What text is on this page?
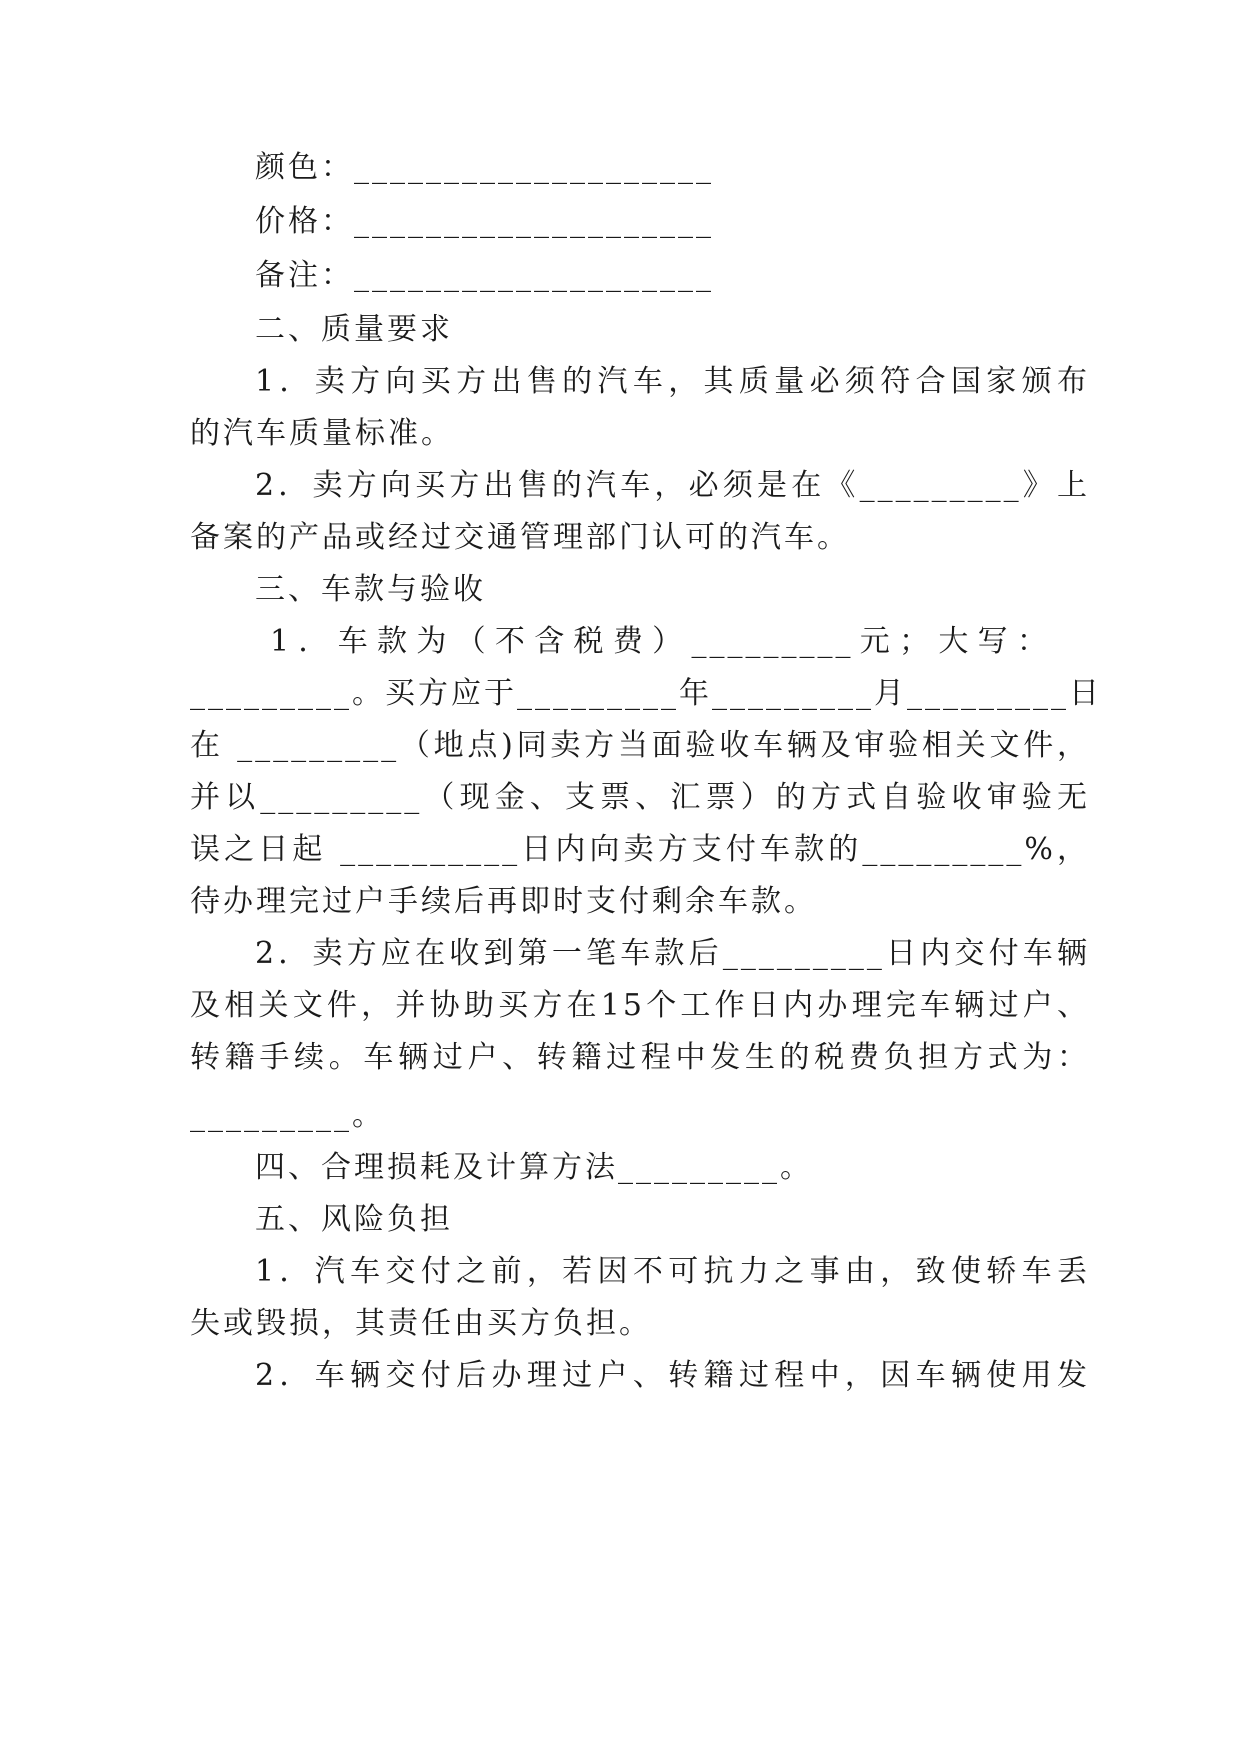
颜色：____________________
价格：____________________
备注：____________________
二、质量要求
1．卖方向买方出售的汽车，其质量必须符合国家颁布
的汽车质量标准。
2．卖方向买方出售的汽车，必须是在《_________》上
备案的产品或经过交通管理部门认可的汽车。
三、车款与验收
1．车款为（不含税费）_________元；大写：
_________。买方应于_________年_________月_________日
在 _________（地点)同卖方当面验收车辆及审验相关文件，
并以_________（现金、支票、汇票）的方式自验收审验无
误之日起 __________日内向卖方支付车款的_________%，
待办理完过户手续后再即时支付剩余车款。
2．卖方应在收到第一笔车款后_________日内交付车辆
及相关文件，并协助买方在15个工作日内办理完车辆过户、
转籍手续。车辆过户、转籍过程中发生的税费负担方式为：
_________。
四、合理损耗及计算方法_________。
五、风险负担
1．汽车交付之前，若因不可抗力之事由，致使轿车丢
失或毁损，其责任由买方负担。
2．车辆交付后办理过户、转籍过程中，因车辆使用发
